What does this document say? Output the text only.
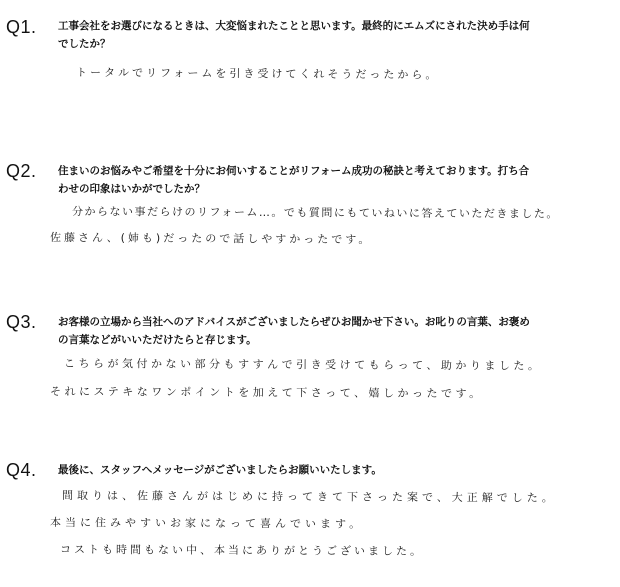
Q1. 工事会社をお選びになるときは、大変悩まれたことと思います。最終的にエムズにされた決め手は何
でしたか？
トータルでリフォームを引き受けてくれそうだったから。
Q2. 住まいのお悩みやご希望を十分にお伺いすることがリフォーム成功の秘訣と考えております。打ち合
わせの印象はいかがでしたか？
分からない事だらけのリフォーム…。でも質問にもていねいに答えていただきました。
佐藤さん、(姉も)だったので話しやすかったです。
Q3. お客様の立場から当社へのアドバイスがございましたらぜひお聞かせ下さい。お叱りの言葉、お褒め
の言葉などがいいただけたらと存じます。
こちらが気付かない部分もすすんで引き受けてもらって、助かりました。
それにステキなワンポイントを加えて下さって、嬉しかったです。
Q4. 最後に、スタッフへメッセージがございましたらお願いいたします。
間取りは、佐藤さんがはじめに持ってきて下さった案で、大正解でした。
本当に住みやすいお家になって喜んでいます。
コストも時間もない中、本当にありがとうございました。
